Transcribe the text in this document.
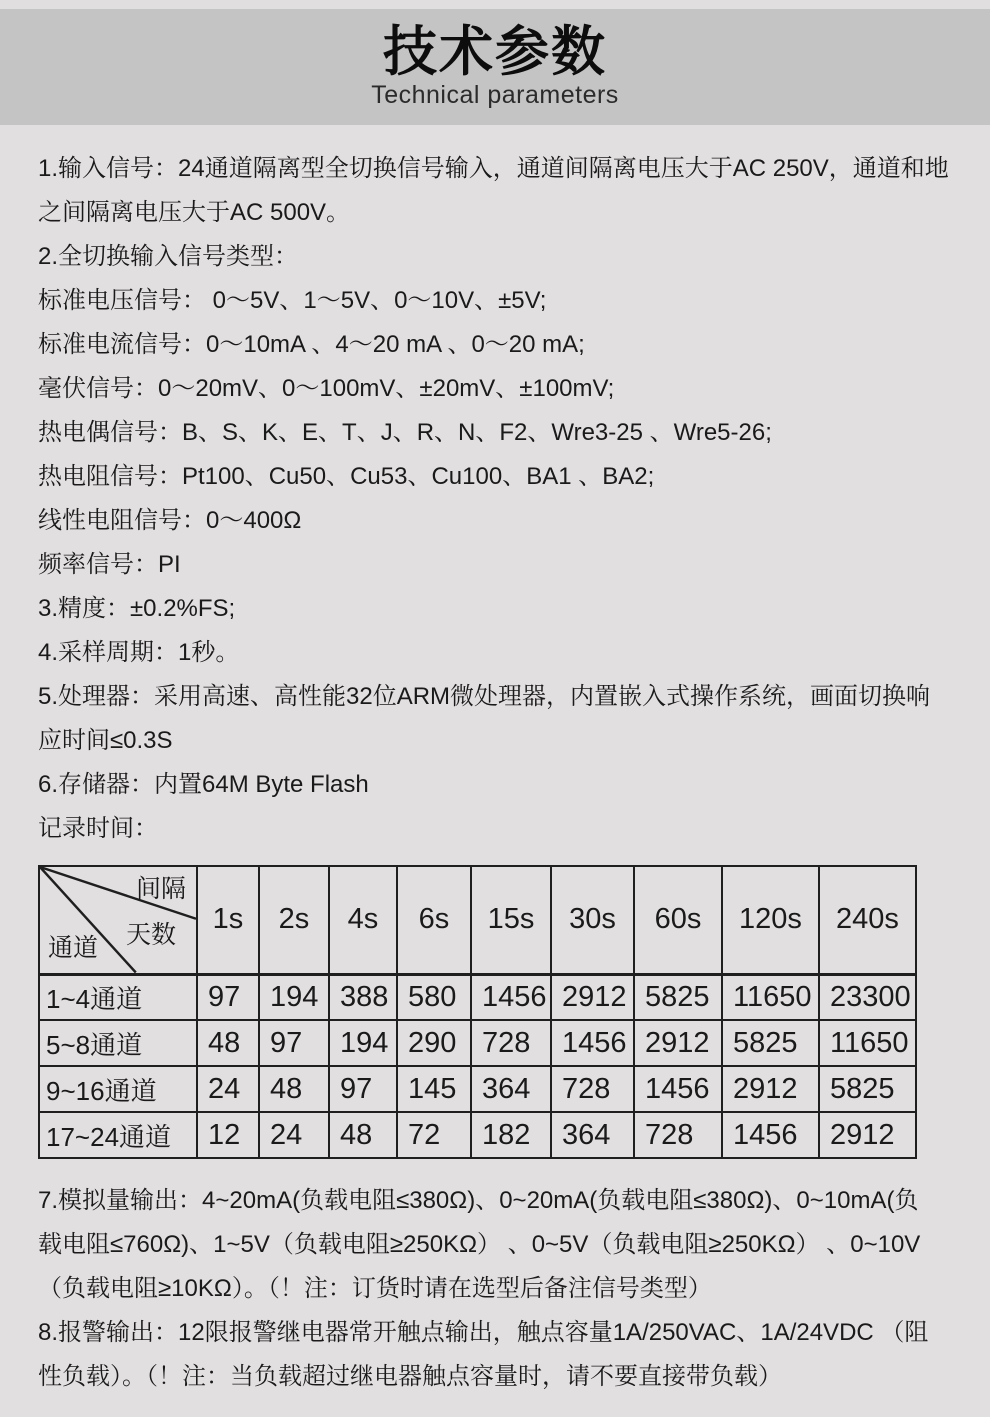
技术参数
Technical parameters

1.输入信号：24通道隔离型全切换信号输入，通道间隔离电压大于AC 250V，通道和地

之间隔离电压大于AC 500V。

2.全切换输入信号类型：

标准电压信号： 0～5V、1～5V、0～10V、±5V;

标准电流信号：0～10mA 、4～20 mA 、0～20 mA;

毫伏信号：0～20mV、0～100mV、±20mV、±100mV;

热电偶信号：B、S、K、E、T、J、R、N、F2、Wre3-25 、Wre5-26;

热电阻信号：Pt100、Cu50、Cu53、Cu100、BA1 、BA2;

线性电阻信号：0～400Ω

频率信号：PI

3.精度：±0.2%FS;

4.采样周期：1秒。

5.处理器：采用高速、高性能32位ARM微处理器，内置嵌入式操作系统，画面切换响

应时间≤0.3S

6.存储器：内置64M Byte Flash

记录时间：

间隔
天数
通道	1s	2s	4s	6s	15s	30s	60s	120s	240s
1~4通道	97	194	388	580	1456	2912	5825	11650	23300
5~8通道	48	97	194	290	728	1456	2912	5825	11650
9~16通道	24	48	97	145	364	728	1456	2912	5825
17~24通道	12	24	48	72	182	364	728	1456	2912

7.模拟量输出：4~20mA(负载电阻≤380Ω)、0~20mA(负载电阻≤380Ω)、0~10mA(负

载电阻≤760Ω)、1~5V（负载电阻≥250KΩ） 、0~5V（负载电阻≥250KΩ） 、0~10V

（负载电阻≥10KΩ）。（！注：订货时请在选型后备注信号类型）

8.报警输出：12限报警继电器常开触点输出，触点容量1A/250VAC、1A/24VDC （阻

性负载）。（！注：当负载超过继电器触点容量时，请不要直接带负载）
